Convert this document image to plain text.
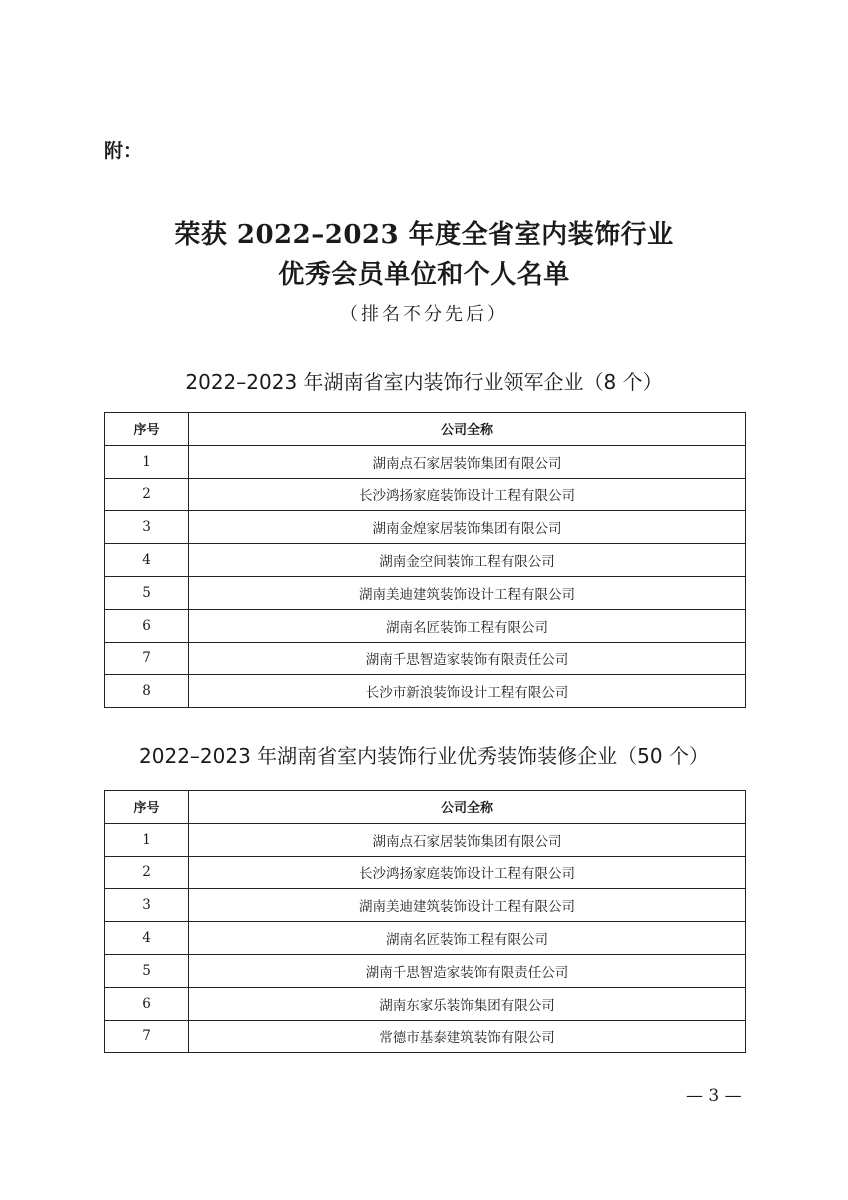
附：
荣获 2022–2023 年度全省室内装饰行业
优秀会员单位和个人名单
（排名不分先后）
2022–2023 年湖南省室内装饰行业领军企业（8 个）
序号	公司全称
1	湖南点石家居装饰集团有限公司
2	长沙鸿扬家庭装饰设计工程有限公司
3	湖南金煌家居装饰集团有限公司
4	湖南金空间装饰工程有限公司
5	湖南美迪建筑装饰设计工程有限公司
6	湖南名匠装饰工程有限公司
7	湖南千思智造家装饰有限责任公司
8	长沙市新浪装饰设计工程有限公司
2022–2023 年湖南省室内装饰行业优秀装饰装修企业（50 个）
序号	公司全称
1	湖南点石家居装饰集团有限公司
2	长沙鸿扬家庭装饰设计工程有限公司
3	湖南美迪建筑装饰设计工程有限公司
4	湖南名匠装饰工程有限公司
5	湖南千思智造家装饰有限责任公司
6	湖南东家乐装饰集团有限公司
7	常德市基泰建筑装饰有限公司
— 3 —
